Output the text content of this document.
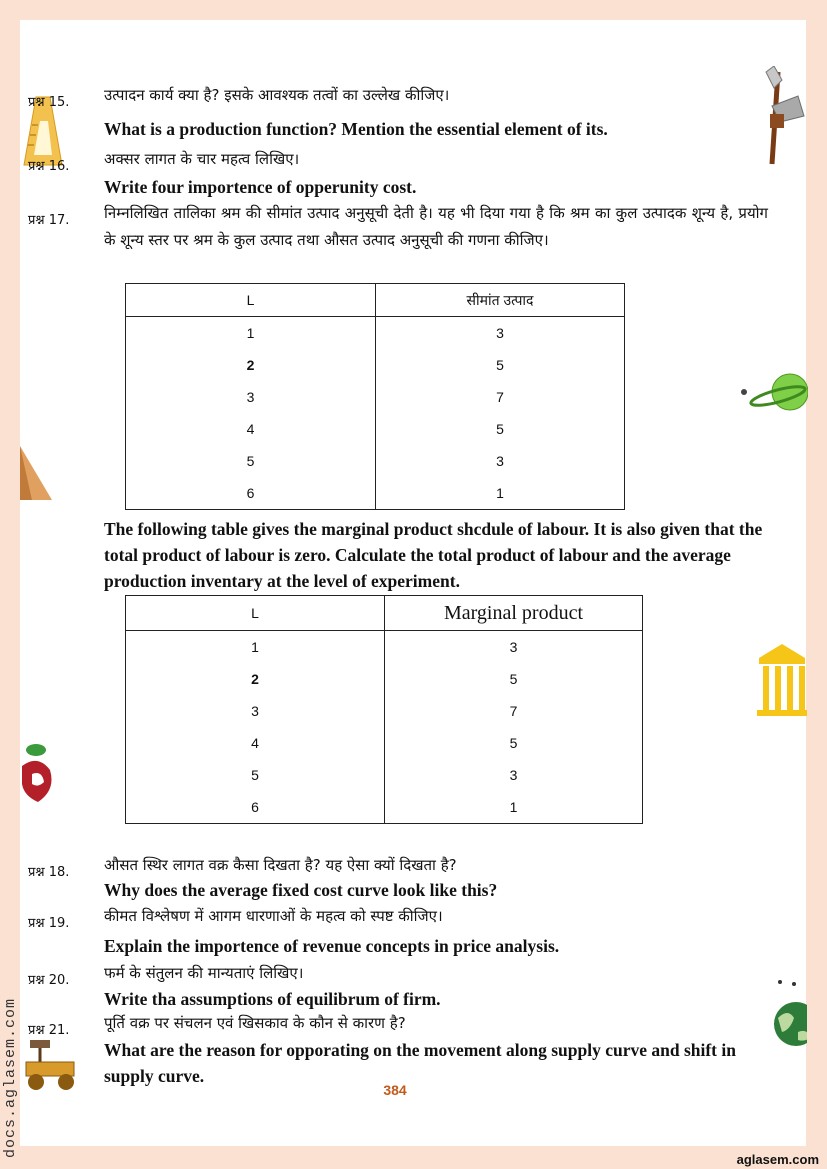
प्रश्न 15.	उत्पादन कार्य क्या है? इसके आवश्यक तत्वों का उल्लेख कीजिए।
What is a production function? Mention the essential element of its.
प्रश्न 16.	अक्सर लागत के चार महत्व लिखिए।
Write four importence of opperunity cost.
प्रश्न 17.	निम्नलिखित तालिका श्रम की सीमांत उत्पाद अनुसूची देती है। यह भी दिया गया है कि श्रम का कुल उत्पादक शून्य है, प्रयोग के शून्य स्तर पर श्रम के कुल उत्पाद तथा औसत उत्पाद अनुसूची की गणना कीजिए।
L	सीमांत उत्पाद
1	3
2	5
3	7
4	5
5	3
6	1
The following table gives the marginal product shcdule of labour. It is also given that the total product of labour is zero. Calculate the total product of labour and the average production inventary at the level of experiment.
L	Marginal product
1	3
2	5
3	7
4	5
5	3
6	1
प्रश्न 18.	औसत स्थिर लागत वक्र कैसा दिखता है? यह ऐसा क्यों दिखता है?
Why does the average fixed cost curve look like this?
प्रश्न 19.	कीमत विश्लेषण में आगम धारणाओं के महत्व को स्पष्ट कीजिए।
Explain the importence of revenue concepts in price analysis.
प्रश्न 20.	फर्म के संतुलन की मान्यताएं लिखिए।
Write tha assumptions of equilibrum of firm.
प्रश्न 21.	पूर्ति वक्र पर संचलन एवं खिसकाव के कौन से कारण है?
What are the reason for opporating on the movement along supply curve and shift in supply curve.
384
docs.aglasem.com
aglasem.com
